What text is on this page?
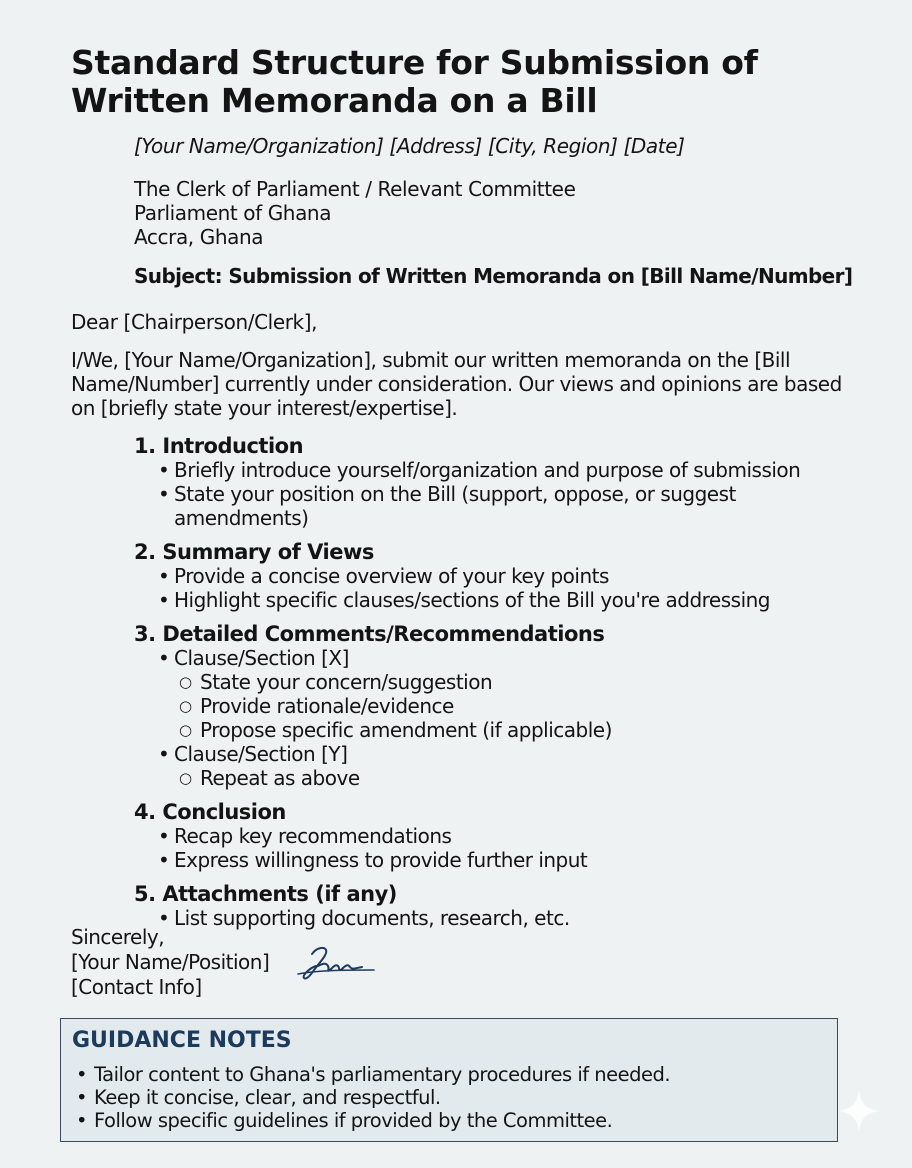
Standard Structure for Submission of Written Memoranda on a Bill
[Your Name/Organization] [Address] [City, Region] [Date]
The Clerk of Parliament / Relevant Committee
Parliament of Ghana
Accra, Ghana
Subject: Submission of Written Memoranda on [Bill Name/Number]
Dear [Chairperson/Clerk],
I/We, [Your Name/Organization], submit our written memoranda on the [Bill Name/Number] currently under consideration. Our views and opinions are based on [briefly state your interest/expertise].
1. Introduction
• Briefly introduce yourself/organization and purpose of submission
• State your position on the Bill (support, oppose, or suggest amendments)
2. Summary of Views
• Provide a concise overview of your key points
• Highlight specific clauses/sections of the Bill you're addressing
3. Detailed Comments/Recommendations
• Clause/Section [X]
○ State your concern/suggestion
○ Provide rationale/evidence
○ Propose specific amendment (if applicable)
• Clause/Section [Y]
○ Repeat as above
4. Conclusion
• Recap key recommendations
• Express willingness to provide further input
5. Attachments (if any)
• List supporting documents, research, etc.
Sincerely,
[Your Name/Position]
[Contact Info]
GUIDANCE NOTES
• Tailor content to Ghana's parliamentary procedures if needed.
• Keep it concise, clear, and respectful.
• Follow specific guidelines if provided by the Committee.
